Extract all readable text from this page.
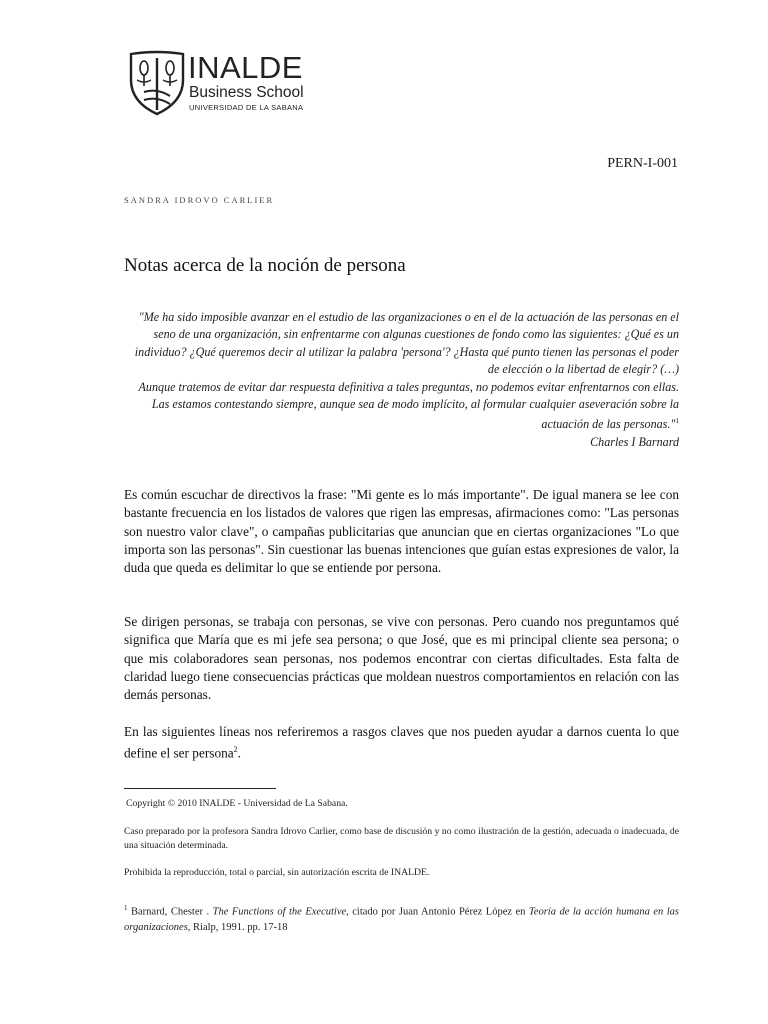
INALDE
Business School
UNIVERSIDAD DE LA SABANA
PERN-I-001
SANDRA IDROVO CARLIER
Notas acerca de la noción de persona

"Me ha sido imposible avanzar en el estudio de las organizaciones o en el de la actuación de las personas en el seno de una organización, sin enfrentarme con algunas cuestiones de fondo como las siguientes: ¿Qué es un individuo? ¿Qué queremos decir al utilizar la palabra 'persona'? ¿Hasta qué punto tienen las personas el poder de elección o la libertad de elegir? (…)

Aunque tratemos de evitar dar respuesta definitiva a tales preguntas, no podemos evitar enfrentarnos con ellas. Las estamos contestando siempre, aunque sea de modo implícito, al formular cualquier aseveración sobre la actuación de las personas."$^1$

Charles I Barnard

Es común escuchar de directivos la frase: "Mi gente es lo más importante". De igual manera se lee con bastante frecuencia en los listados de valores que rigen las empresas, afirmaciones como: "Las personas son nuestro valor clave", o campañas publicitarias que anuncian que en ciertas organizaciones "Lo que importa son las personas". Sin cuestionar las buenas intenciones que guían estas expresiones de valor, la duda que queda es delimitar lo que se entiende por persona.
Se dirigen personas, se trabaja con personas, se vive con personas. Pero cuando nos preguntamos qué significa que María que es mi jefe sea persona; o que José, que es mi principal cliente sea persona; o que mis colaboradores sean personas, nos podemos encontrar con ciertas dificultades. Esta falta de claridad luego tiene consecuencias prácticas que moldean nuestros comportamientos en relación con las demás personas.
En las siguientes líneas nos referiremos a rasgos claves que nos pueden ayudar a darnos cuenta lo que define el ser persona$^2$.
Copyright © 2010 INALDE - Universidad de La Sabana.
Caso preparado por la profesora Sandra Idrovo Carlier, como base de discusión y no como ilustración de la gestión, adecuada o inadecuada, de una situación determinada.
Prohibida la reproducción, total o parcial, sin autorización escrita de INALDE.
$^1$ Barnard, Chester . The Functions of the Executive, citado por Juan Antonio Pérez López en Teoría de la acción humana en las organizaciones, Rialp, 1991. pp. 17-18
